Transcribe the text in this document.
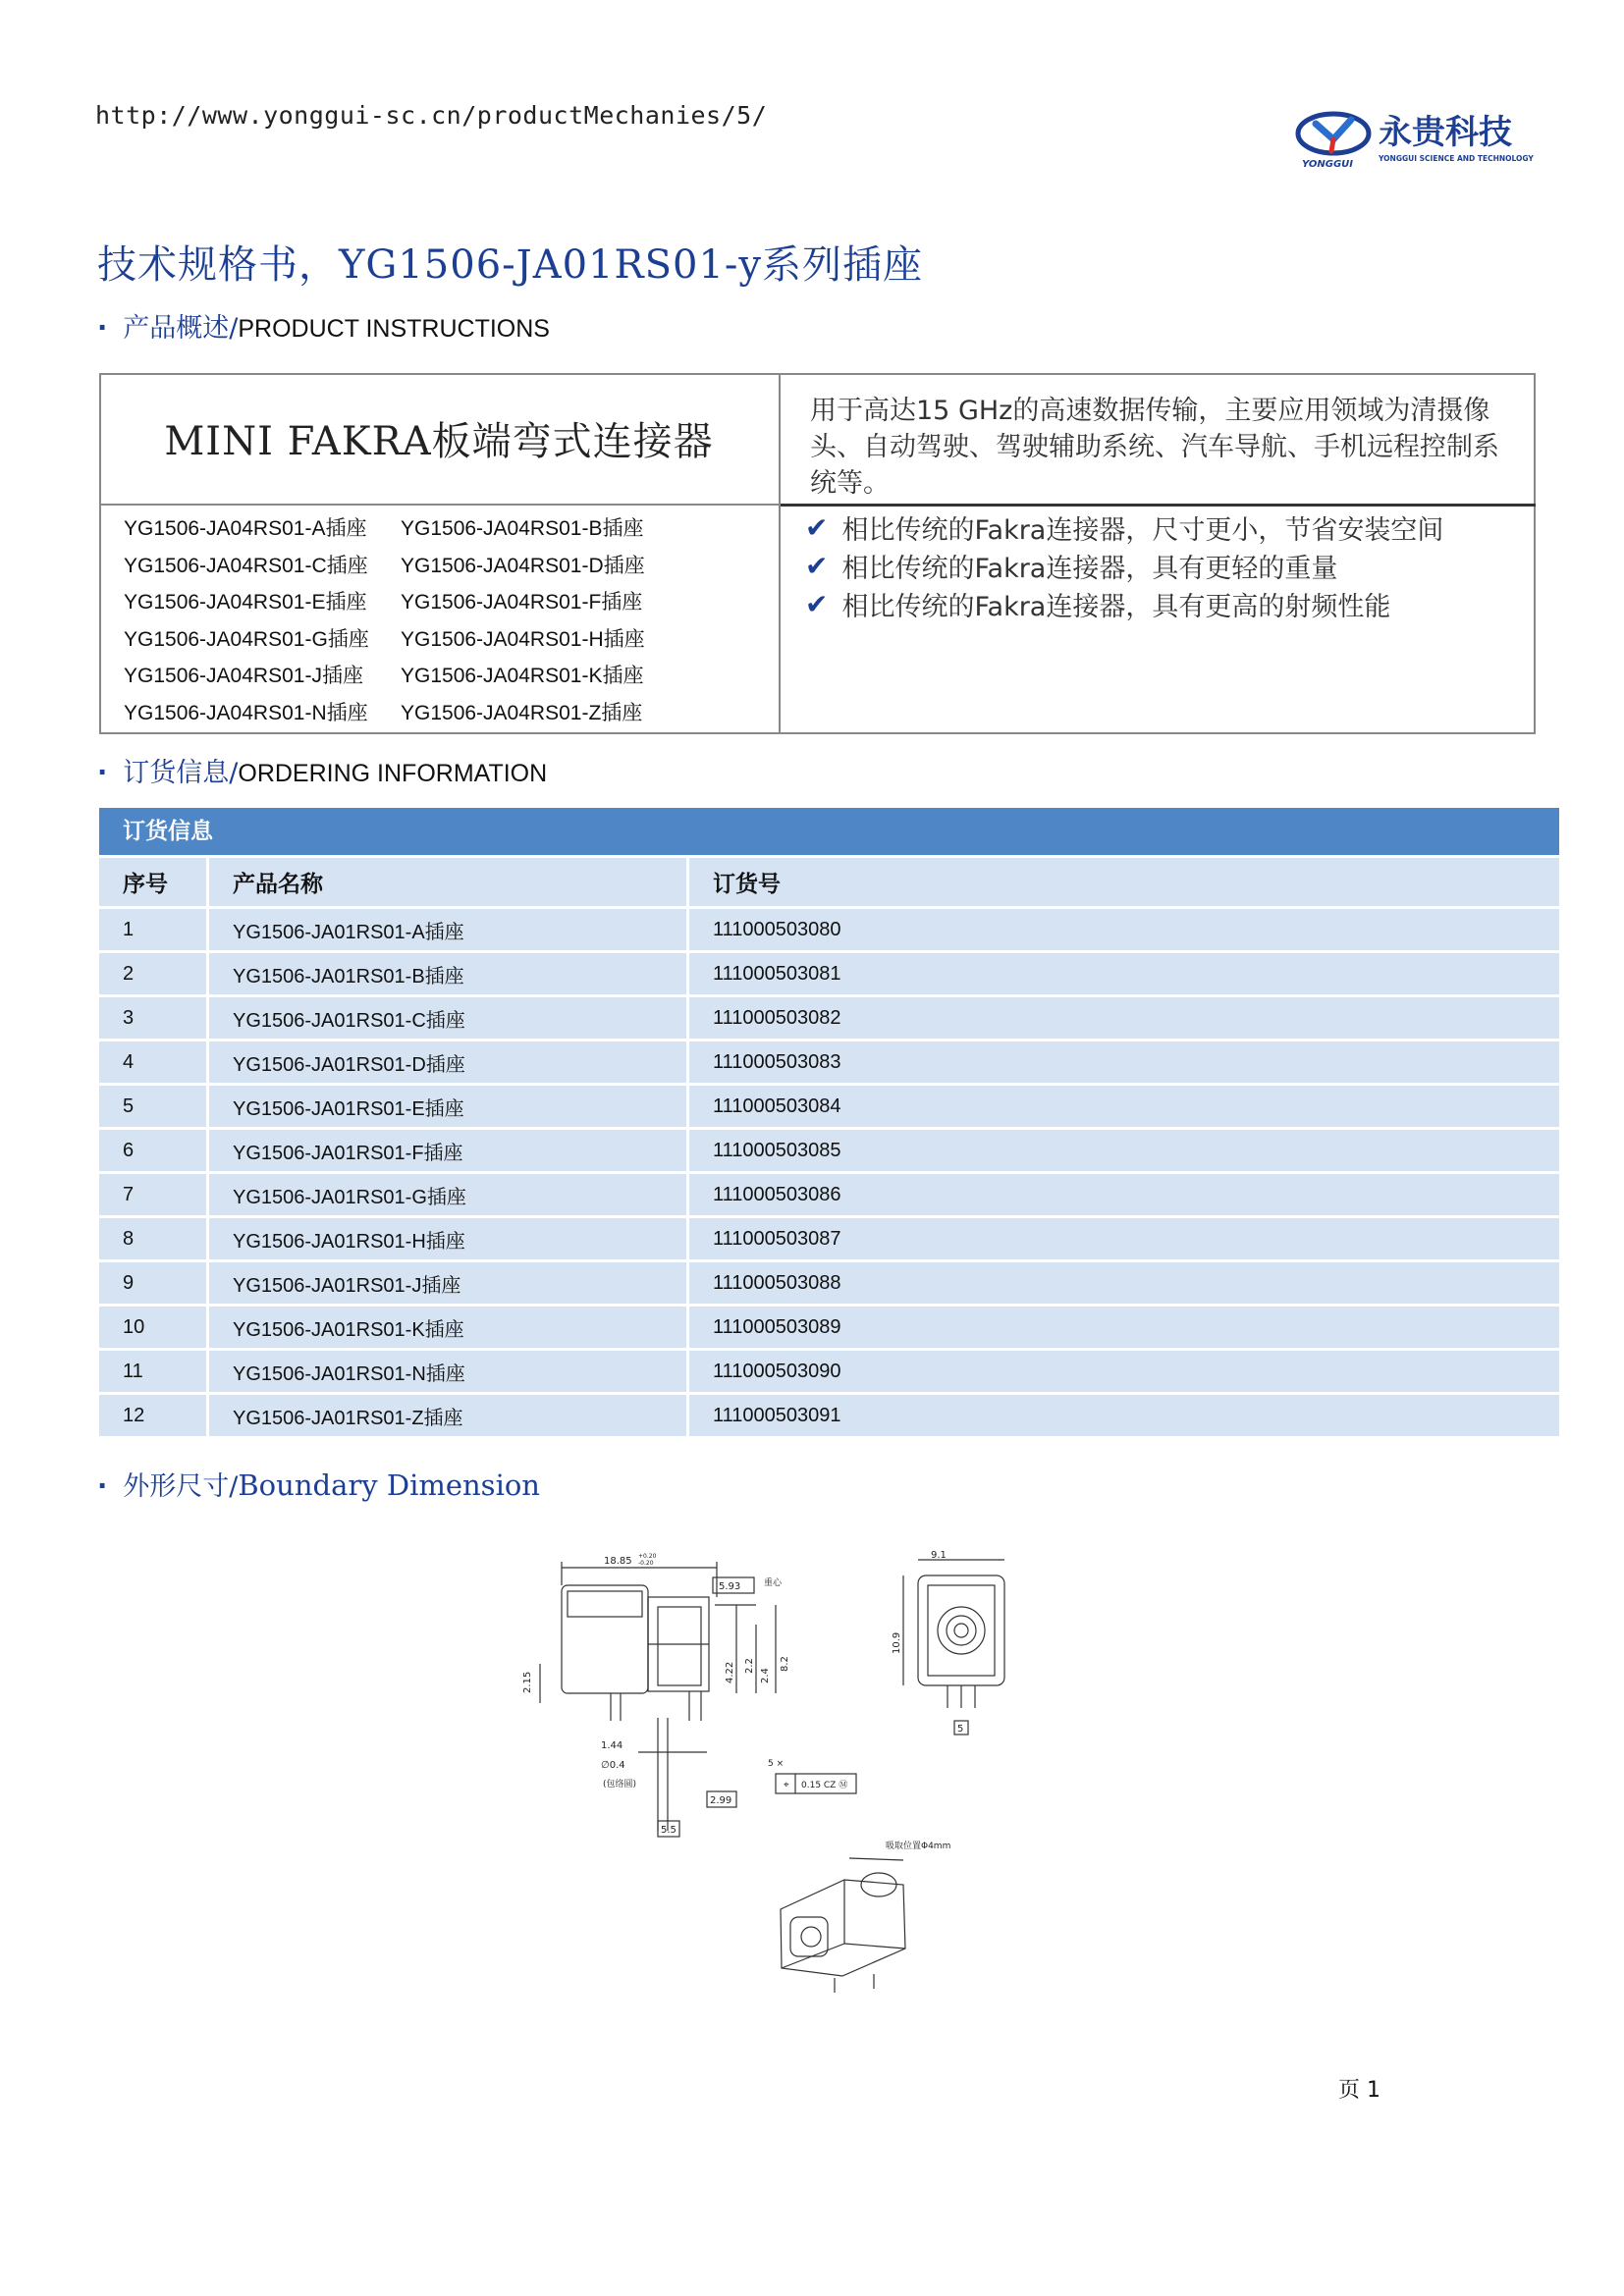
http://www.yonggui-sc.cn/productMechanies/5/
YONGGUI
永贵科技
YONGGUI SCIENCE AND TECHNOLOGY
技术规格书，YG1506-JA01RS01-y系列插座
· 产品概述/PRODUCT INSTRUCTIONS
MINI FAKRA板端弯式连接器
用于高达15 GHz的高速数据传输，主要应用领域为清摄像头、自动驾驶、驾驶辅助系统、汽车导航、手机远程控制系统等。
YG1506-JA04RS01-A插座	YG1506-JA04RS01-B插座
YG1506-JA04RS01-C插座	YG1506-JA04RS01-D插座
YG1506-JA04RS01-E插座	YG1506-JA04RS01-F插座
YG1506-JA04RS01-G插座	YG1506-JA04RS01-H插座
YG1506-JA04RS01-J插座	YG1506-JA04RS01-K插座
YG1506-JA04RS01-N插座	YG1506-JA04RS01-Z插座
✔ 相比传统的Fakra连接器，尺寸更小，节省安装空间
✔ 相比传统的Fakra连接器，具有更轻的重量
✔ 相比传统的Fakra连接器，具有更高的射频性能
· 订货信息/ORDERING INFORMATION
订货信息
序号	产品名称	订货号
1	YG1506-JA01RS01-A插座	111000503080
2	YG1506-JA01RS01-B插座	111000503081
3	YG1506-JA01RS01-C插座	111000503082
4	YG1506-JA01RS01-D插座	111000503083
5	YG1506-JA01RS01-E插座	111000503084
6	YG1506-JA01RS01-F插座	111000503085
7	YG1506-JA01RS01-G插座	111000503086
8	YG1506-JA01RS01-H插座	111000503087
9	YG1506-JA01RS01-J插座	111000503088
10	YG1506-JA01RS01-K插座	111000503089
11	YG1506-JA01RS01-N插座	111000503090
12	YG1506-JA01RS01-Z插座	111000503091
· 外形尺寸/Boundary Dimension
18.85 +0.20
-0.20
5.93	重心
2.15	4.22 2.2
2.4
8.2
1.44
∅0.4
(包络圆)
5 ×
0.15 CZ Ⓜ
⌖
2.99
5.5
9.1
10.9
5
吸取位置Φ4mm
页 1
